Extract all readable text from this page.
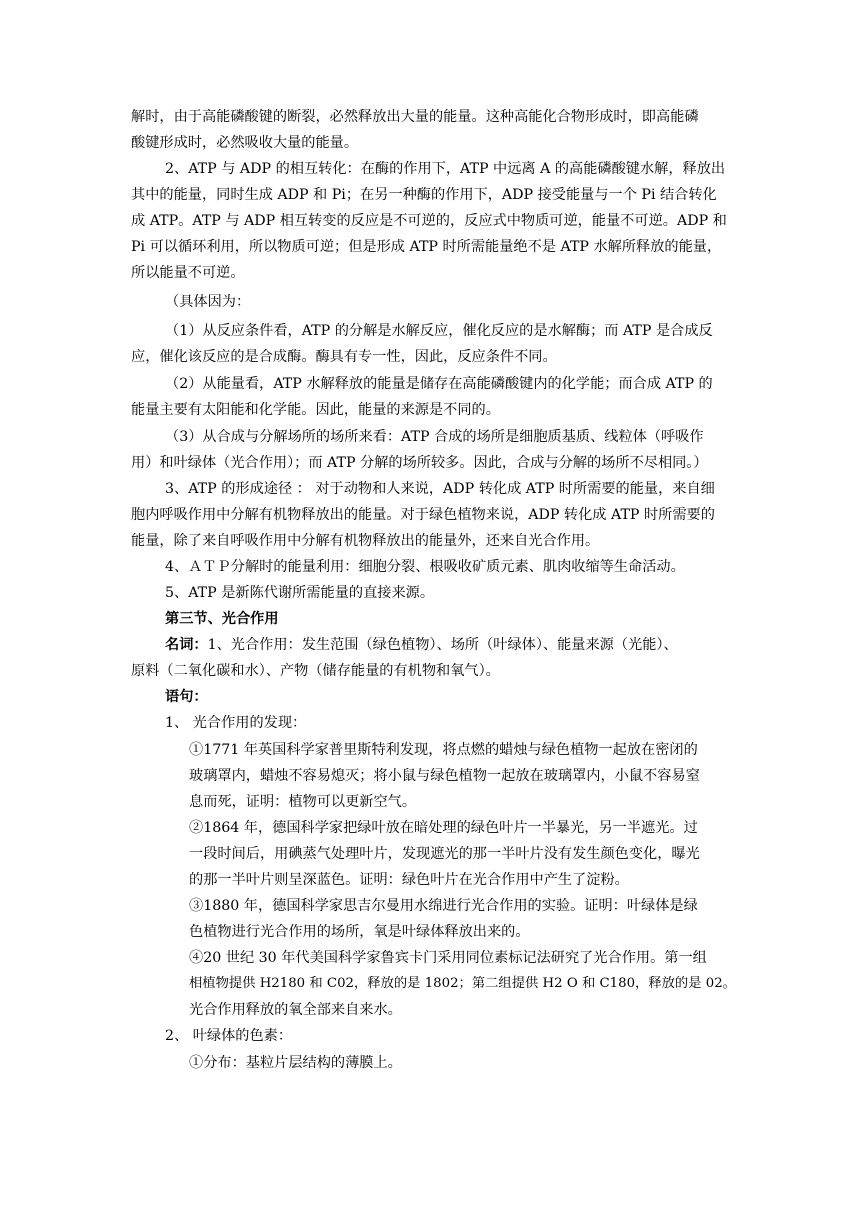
解时，由于高能磷酸键的断裂，必然释放出大量的能量。这种高能化合物形成时，即高能磷
酸键形成时，必然吸收大量的能量。
2、ATP 与 ADP 的相互转化：在酶的作用下，ATP 中远离 A 的高能磷酸键水解，释放出
其中的能量，同时生成 ADP 和 Pi；在另一种酶的作用下，ADP 接受能量与一个 Pi 结合转化
成 ATP。ATP 与 ADP 相互转变的反应是不可逆的，反应式中物质可逆，能量不可逆。ADP 和
Pi 可以循环利用，所以物质可逆；但是形成 ATP 时所需能量绝不是 ATP 水解所释放的能量，
所以能量不可逆。
（具体因为：
（1）从反应条件看，ATP 的分解是水解反应，催化反应的是水解酶；而 ATP 是合成反
应，催化该反应的是合成酶。酶具有专一性，因此，反应条件不同。
（2）从能量看，ATP 水解释放的能量是储存在高能磷酸键内的化学能；而合成 ATP 的
能量主要有太阳能和化学能。因此，能量的来源是不同的。
（3）从合成与分解场所的场所来看：ATP 合成的场所是细胞质基质、线粒体（呼吸作
用）和叶绿体（光合作用）；而 ATP 分解的场所较多。因此，合成与分解的场所不尽相同。）
3、ATP 的形成途径 ： 对于动物和人来说，ADP 转化成 ATP 时所需要的能量，来自细
胞内呼吸作用中分解有机物释放出的能量。对于绿色植物来说，ADP 转化成 ATP 时所需要的
能量，除了来自呼吸作用中分解有机物释放出的能量外，还来自光合作用。
4、ＡＴＰ分解时的能量利用：细胞分裂、根吸收矿质元素、肌肉收缩等生命活动。
5、ATP 是新陈代谢所需能量的直接来源。
第三节、光合作用
名词：1、光合作用：发生范围（绿色植物）、场所（叶绿体）、能量来源（光能）、
原料（二氧化碳和水）、产物（储存能量的有机物和氧气）。
语句：
1、 光合作用的发现：
①1771 年英国科学家普里斯特利发现，将点燃的蜡烛与绿色植物一起放在密闭的
玻璃罩内，蜡烛不容易熄灭；将小鼠与绿色植物一起放在玻璃罩内，小鼠不容易窒
息而死，证明：植物可以更新空气。
②1864 年，德国科学家把绿叶放在暗处理的绿色叶片一半暴光，另一半遮光。过
一段时间后，用碘蒸气处理叶片，发现遮光的那一半叶片没有发生颜色变化，曝光
的那一半叶片则呈深蓝色。证明：绿色叶片在光合作用中产生了淀粉。
③1880 年，德国科学家思吉尔曼用水绵进行光合作用的实验。证明：叶绿体是绿
色植物进行光合作用的场所，氧是叶绿体释放出来的。
④20 世纪 30 年代美国科学家鲁宾卡门采用同位素标记法研究了光合作用。第一组
相植物提供 H2180 和 C02，释放的是 1802；第二组提供 H2 O 和 C180，释放的是 02。
光合作用释放的氧全部来自来水。
2、 叶绿体的色素：
①分布：基粒片层结构的薄膜上。
